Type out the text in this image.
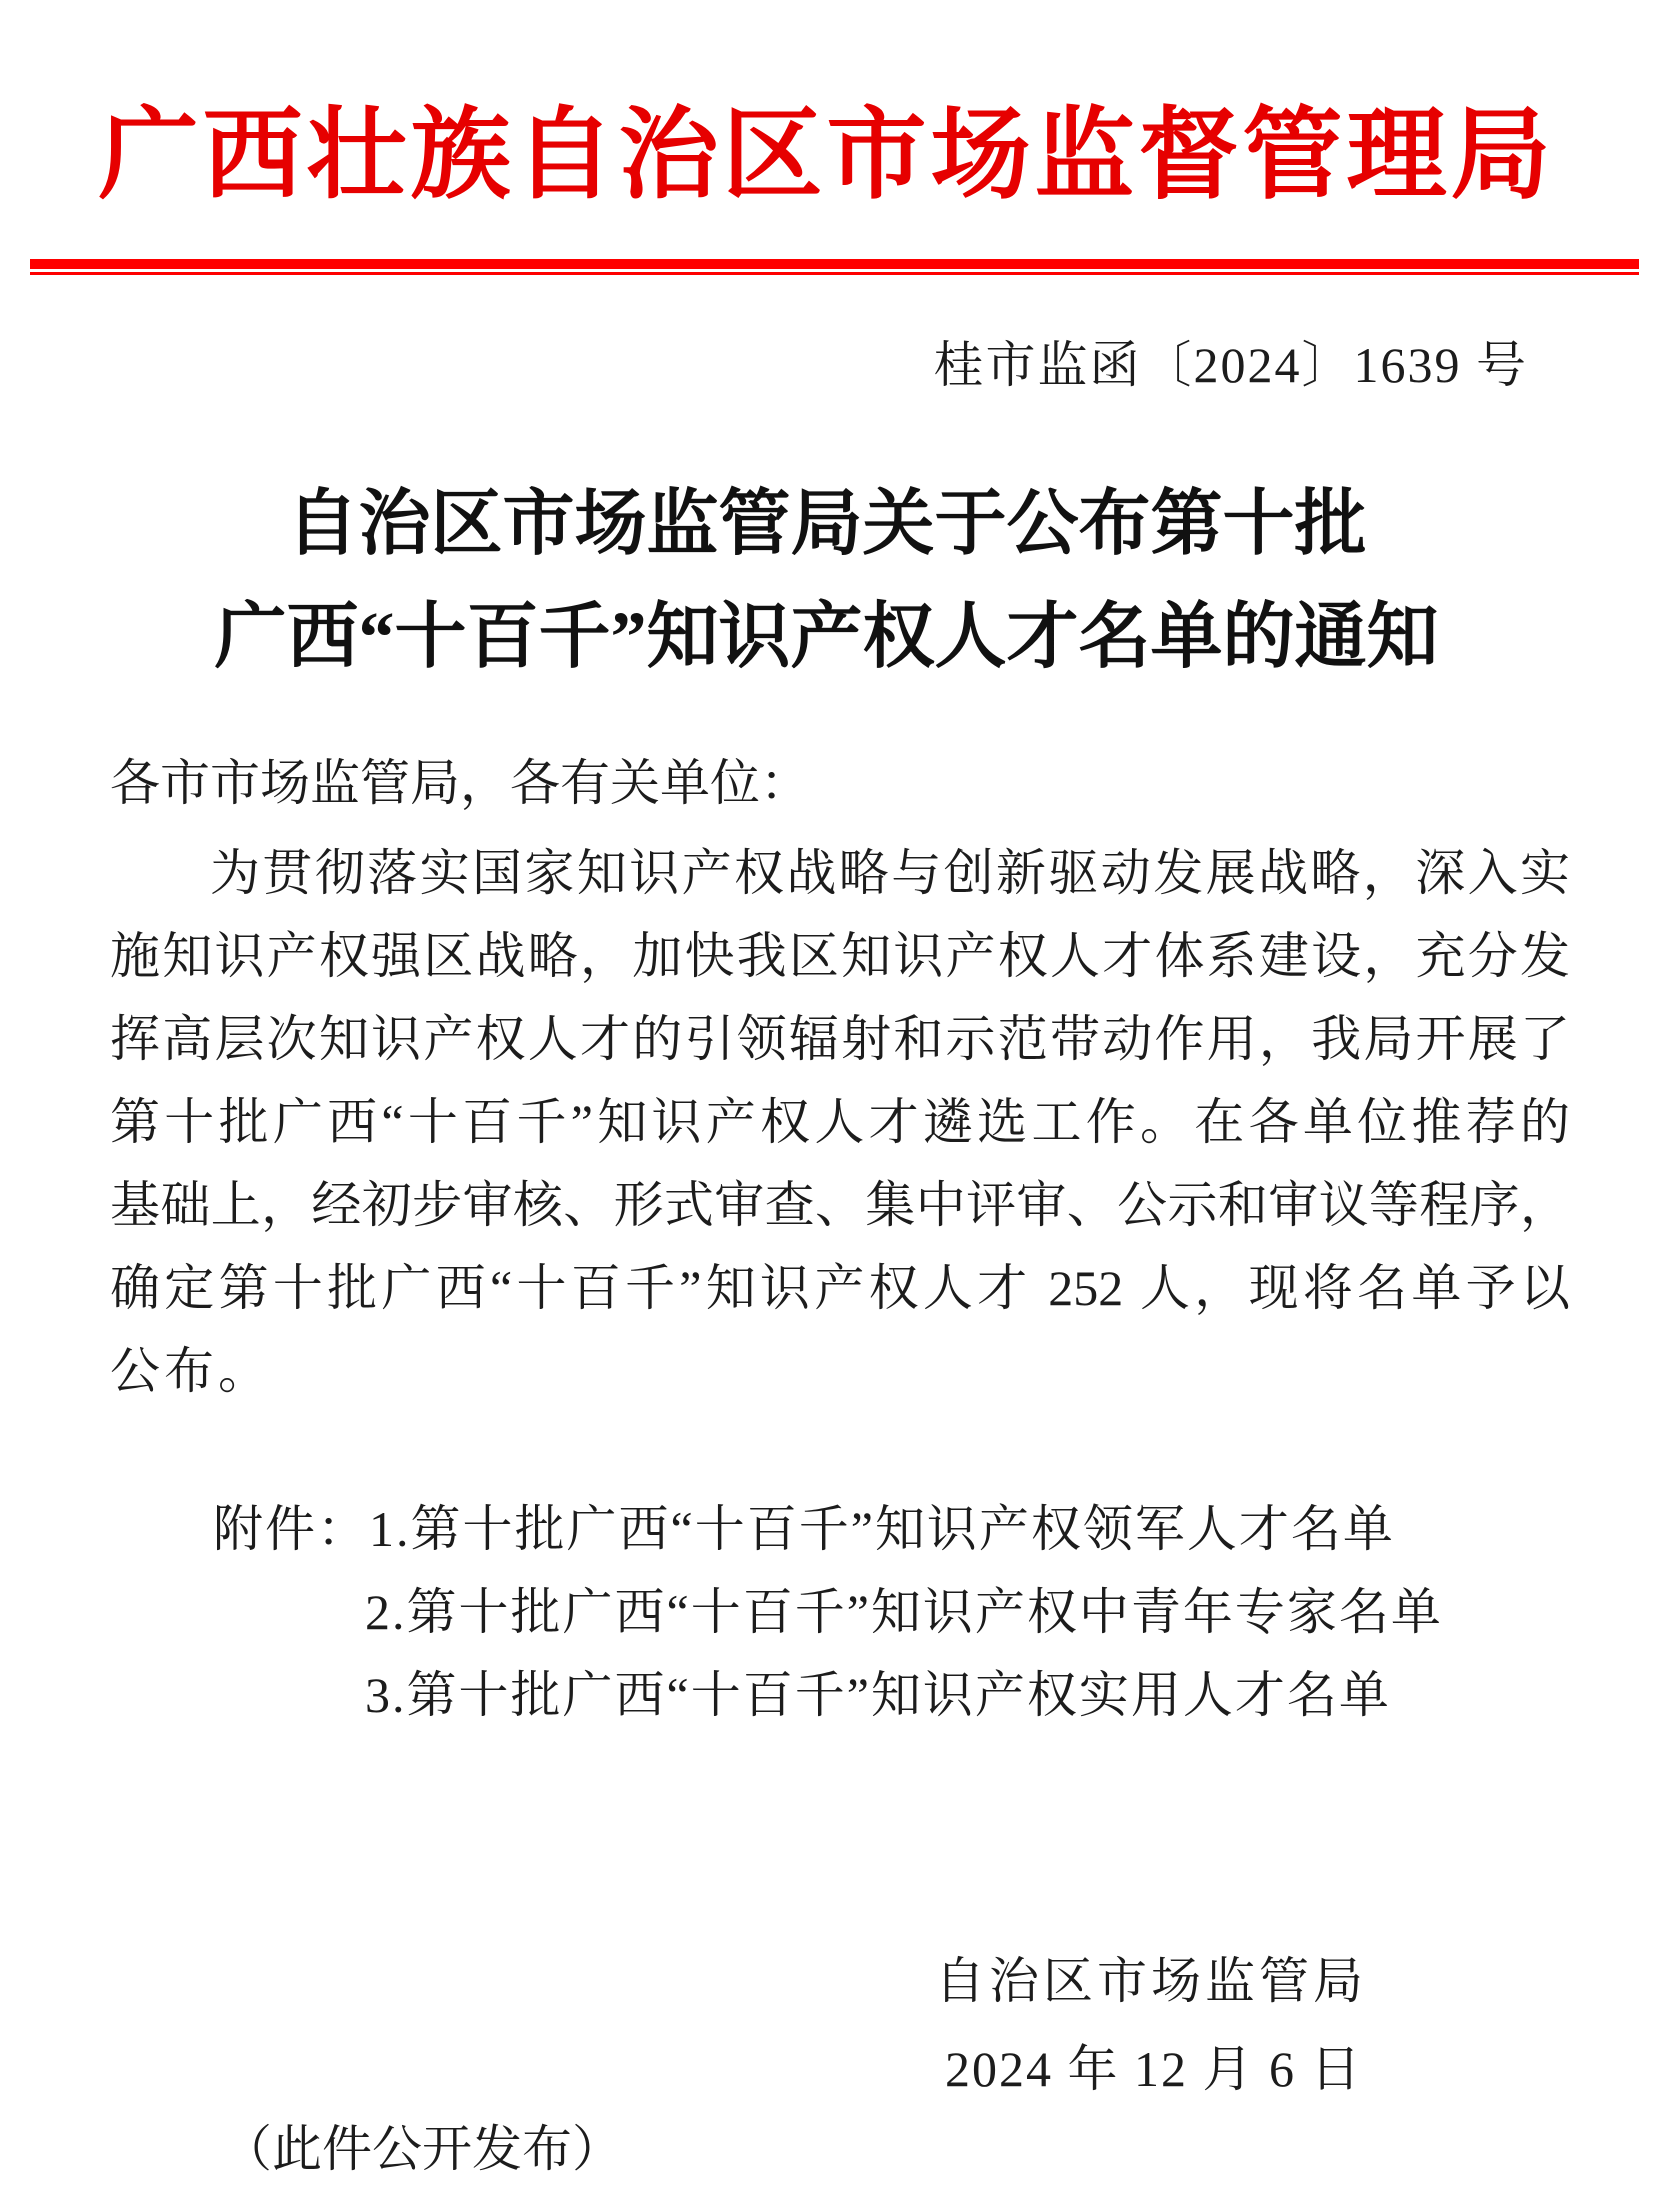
广西壮族自治区市场监督管理局
桂市监函〔2024〕1639 号
自治区市场监管局关于公布第十批
广西“十百千”知识产权人才名单的通知
各市市场监管局，各有关单位：
为贯彻落实国家知识产权战略与创新驱动发展战略，深入实
施知识产权强区战略，加快我区知识产权人才体系建设，充分发
挥高层次知识产权人才的引领辐射和示范带动作用，我局开展了
第十批广西“十百千”知识产权人才遴选工作。在各单位推荐的
基础上，经初步审核、形式审查、集中评审、公示和审议等程序，
确定第十批广西“十百千”知识产权人才 252 人，现将名单予以
公布。
附件：1.第十批广西“十百千”知识产权领军人才名单
2.第十批广西“十百千”知识产权中青年专家名单
3.第十批广西“十百千”知识产权实用人才名单
自治区市场监管局
2024 年 12 月 6 日
（此件公开发布）
